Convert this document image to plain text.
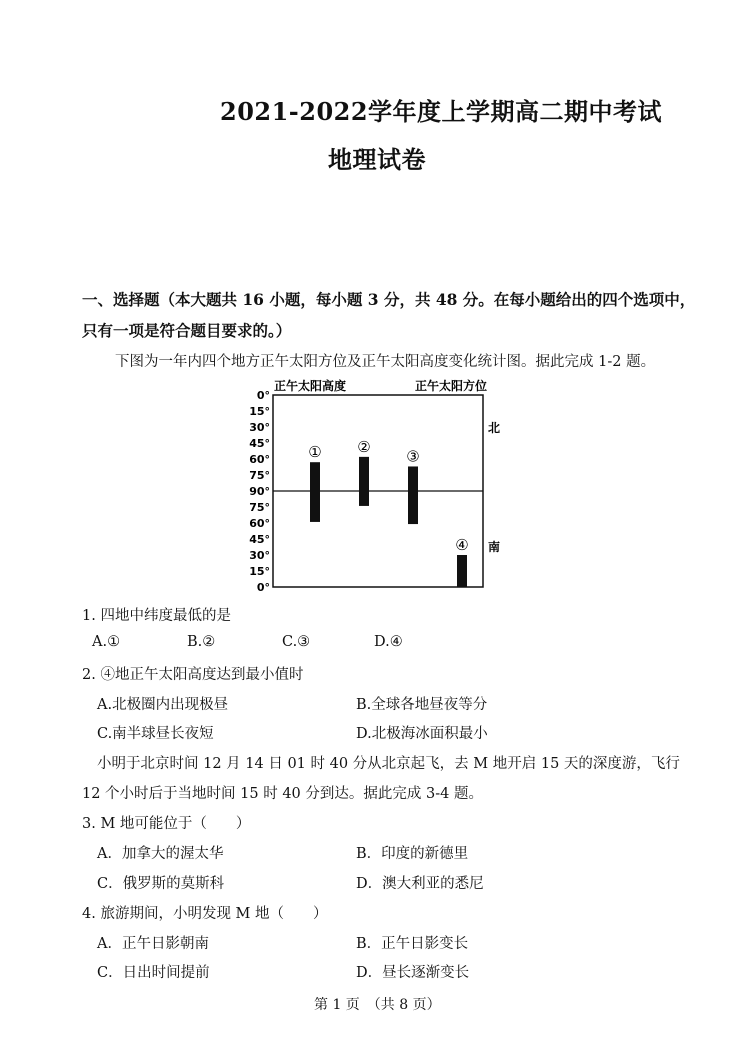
2021-2022学年度上学期高二期中考试
地理试卷
一、选择题（本大题共 16 小题，每小题 3 分，共 48 分。在每小题给出的四个选项中，
只有一项是符合题目要求的。）
下图为一年内四个地方正午太阳方位及正午太阳高度变化统计图。据此完成 1-2 题。
正午太阳高度	正午太阳方位
0°
15°
30°
45°
60°
75°
90°
75°
60°
45°
30°
15°
0°
① ②
③
④
北
南
1. 四地中纬度最低的是
A.①	B.②	C.③	D.④
2. ④地正午太阳高度达到最小值时
A.北极圈内出现极昼	B.全球各地昼夜等分
C.南半球昼长夜短	D.北极海冰面积最小
小明于北京时间 12 月 14 日 01 时 40 分从北京起飞，去 M 地开启 15 天的深度游，飞行
12 个小时后于当地时间 15 时 40 分到达。据此完成 3-4 题。
3. M 地可能位于（　　）
A．加拿大的渥太华	B．印度的新德里
C．俄罗斯的莫斯科	D．澳大利亚的悉尼
4. 旅游期间，小明发现 M 地（　　）
A．正午日影朝南	B．正午日影变长
C．日出时间提前	D．昼长逐渐变长
第 1 页　（共 8 页）
